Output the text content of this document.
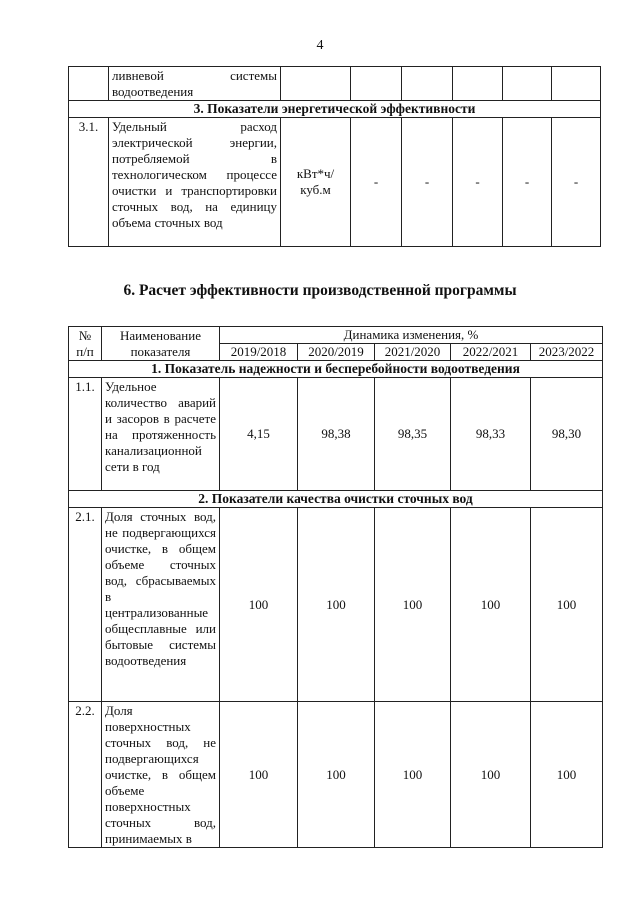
4
	ливневой системы водоотведения						
3. Показатели энергетической эффективности							
3.1.	Удельный расход электрической энергии, потребляемой в технологическом процессе очистки и транспортировки сточных вод, на единицу объема сточных вод	кВт*ч/ куб.м	-	-	-	-	-
6. Расчет эффективности производственной программы
№ п/п	Наименование показателя	Динамика изменения, %				
		2019/2018	2020/2019	2021/2020	2022/2021	2023/2022
1. Показатель надежности и бесперебойности водоотведения						
1.1.	Удельное количество аварий и засоров в расчете на протяженность канализационной сети в год	4,15	98,38	98,35	98,33	98,30
2. Показатели качества очистки сточных вод						
2.1.	Доля сточных вод, не подвергающихся очистке, в общем объеме сточных вод, сбрасываемых в централизованные общесплавные или бытовые системы водоотведения	100	100	100	100	100
2.2.	Доля поверхностных сточных вод, не подвергающихся очистке, в общем объеме поверхностных сточных вод, принимаемых в	100	100	100	100	100
